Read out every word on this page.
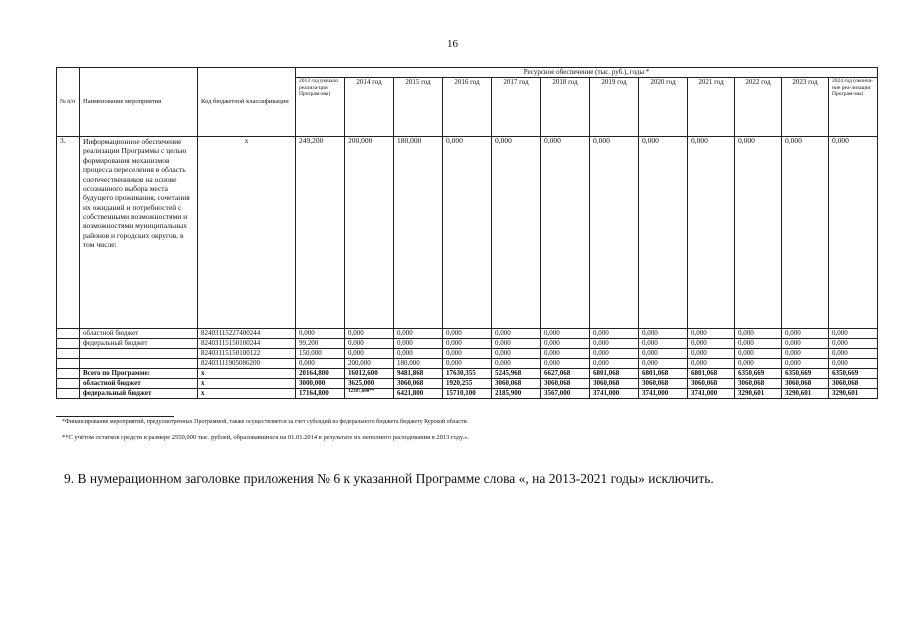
16
№ п/п	Наименование мероприятия	Код бюджетной классификации	Ресурсное обеспечение (тыс. руб.), годы *											
			2013 год (начало реализа-ции Програм-мы)	2014 год	2015 год	2016 год	2017 год	2018 год	2019 год	2020 год	2021 год	2022 год	2023 год	2024 год (оконча-ние реа-лизации Програм-мы)
3.	Информационное обеспечение реализации Программы с целью формирования механизмов процесса переселения в область соотечественников на основе осознанного выбора места будущего проживания, сочетания их ожиданий и потребностей с собственными возможностями и возможностями муниципальных районов и городских округов, в том числе:	х	249,200	200,000	180,000	0,000	0,000	0,000	0,000	0,000	0,000	0,000	0,000	0,000
	областной бюджет	82403115227400244	0,000	0,000	0,000	0,000	0,000	0,000	0,000	0,000	0,000	0,000	0,000	0,000
	федеральный бюджет	82403115150100244	99,200	0,000	0,000	0,000	0,000	0,000	0,000	0,000	0,000	0,000	0,000	0,000
		82403115150100122	150,000	0,000	0,000	0,000	0,000	0,000	0,000	0,000	0,000	0,000	0,000	0,000
		82403111905086200	0,000	200,000	180,000	0,000	0,000	0,000	0,000	0,000	0,000	0,000	0,000	0,000
	Всего по Программе:	х	20164,800	16012,600	9481,868	17630,355	5245,968	6627,068	6801,068	6801,068	6801,068	6350,669	6350,669	6350,669
	областной бюджет	х	3000,000	3625,000	3060,068	1920,255	3060,068	3060,068	3060,068	3060,068	3060,068	3060,068	3060,068	3060,068
	федеральный бюджет	х	17164,800	12387,600**	6421,800	15710,100	2185,900	3567,000	3741,000	3741,000	3741,000	3290,601	3290,601	3290,601
*Финансирование мероприятий, предусмотренных Программой, также осуществляется за счет субсидий из федерального бюджета бюджету Курской области.
**С учётом остатков средств в размере 2550,000 тыс. рублей, образовавшихся на 01.01.2014 в результате их неполного расходования в 2013 году.».
9. В нумерационном заголовке приложения № 6 к указанной Программе слова «, на 2013-2021 годы» исключить.
